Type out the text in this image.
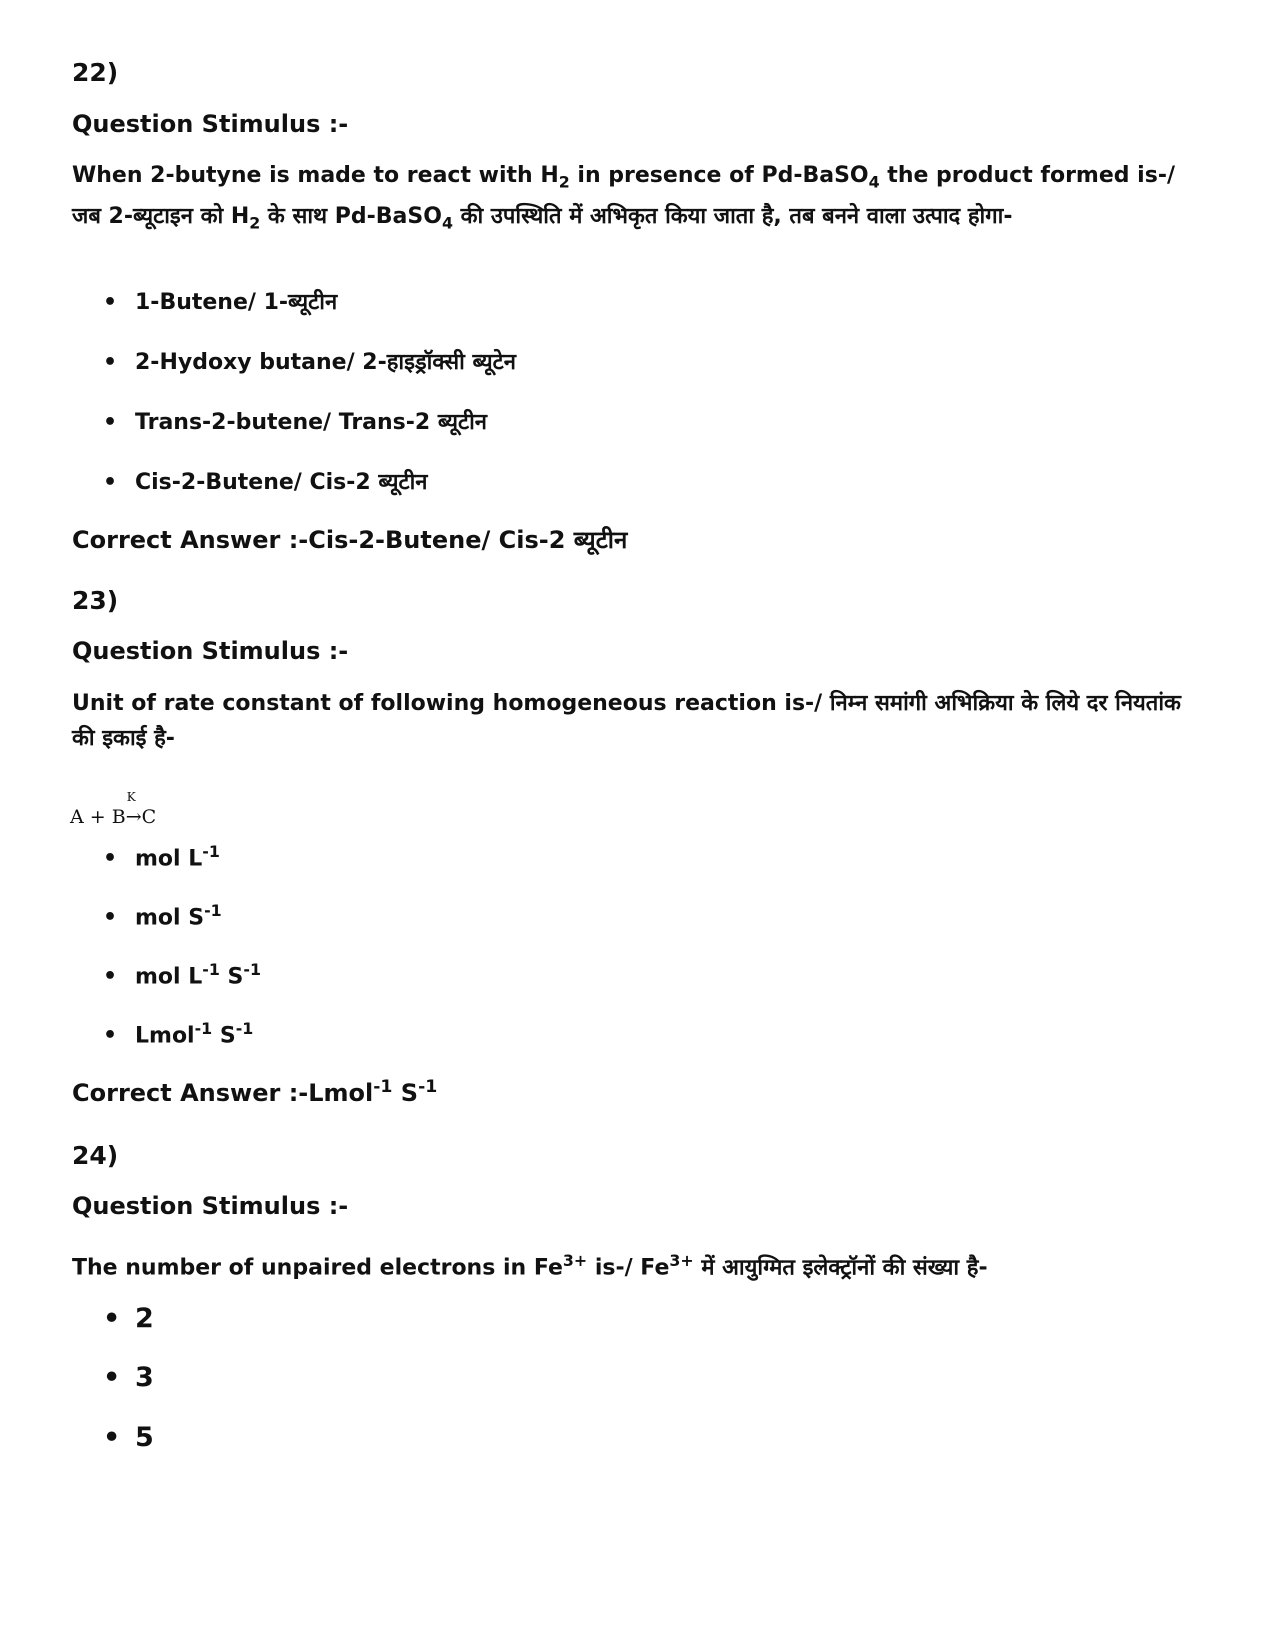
22)
Question Stimulus :-
When 2-butyne is made to react with $H_2$ in presence of Pd-BaSO$_4$ the product formed is-/ जब 2-ब्यूटाइन को $H_2$ के साथ Pd-BaSO$_4$ की उपस्थिति में अभिकृत किया जाता है, तब बनने वाला उत्पाद होगा-
• 1-Butene/ 1-ब्यूटीन
• 2-Hydoxy butane/ 2-हाइड्रॉक्सी ब्यूटेन
• Trans-2-butene/ Trans-2 ब्यूटीन
• Cis-2-Butene/ Cis-2 ब्यूटीन
Correct Answer :-Cis-2-Butene/ Cis-2 ब्यूटीन
23)
Question Stimulus :-
Unit of rate constant of following homogeneous reaction is-/ निम्न समांगी अभिक्रिया के लिये दर नियतांक की इकाई है-
A + B
K
→C
• mol $L^{-1}$
• mol $S^{-1}$
• mol $L^{-1}$ $S^{-1}$
• Lmol$^{-1}$ $S^{-1}$
Correct Answer :-Lmol$^{-1}$ $S^{-1}$
24)
Question Stimulus :-
The number of unpaired electrons in $Fe^{3+}$ is-/ $Fe^{3+}$ में आयुग्मित इलेक्ट्रॉनों की संख्या है-
• 2
• 3
• 5
